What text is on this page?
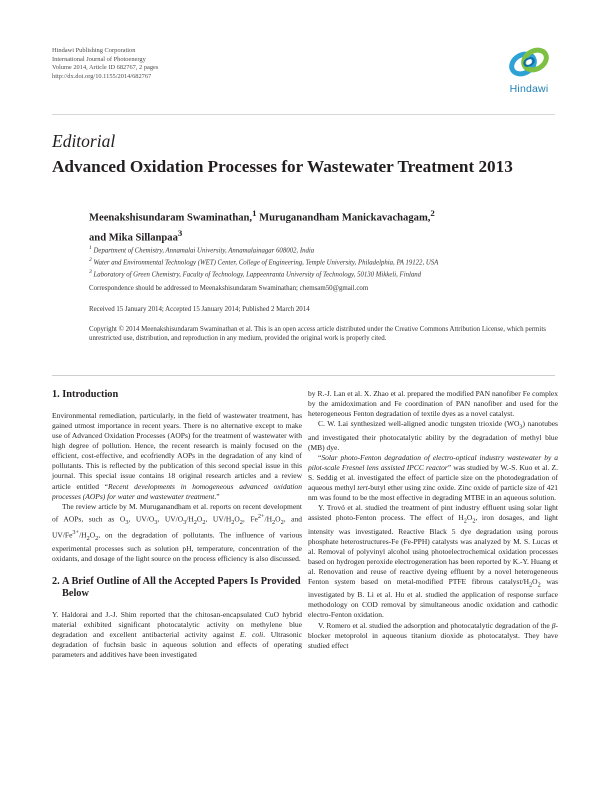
Hindawi Publishing Corporation
International Journal of Photoenergy
Volume 2014, Article ID 682767, 2 pages
http://dx.doi.org/10.1155/2014/682767
Hindawi
Editorial
Advanced Oxidation Processes for Wastewater Treatment 2013
Meenakshisundaram Swaminathan,$^1$ Muruganandham Manickavachagam,$^2$
and Mika Sillanpaa$^3$
$^1$ Department of Chemistry, Annamalai University, Annamalainagar 608002, India
$^2$ Water and Environmental Technology (WET) Center, College of Engineering, Temple University, Philadelphia, PA 19122, USA
$^3$ Laboratory of Green Chemistry, Faculty of Technology, Lappeenranta University of Technology, 50130 Mikkeli, Finland
Correspondence should be addressed to Meenakshisundaram Swaminathan; chemsam50@gmail.com
Received 15 January 2014; Accepted 15 January 2014; Published 2 March 2014
Copyright © 2014 Meenakshisundaram Swaminathan et al. This is an open access article distributed under the Creative Commons Attribution License, which permits unrestricted use, distribution, and reproduction in any medium, provided the original work is properly cited.
1. Introduction

Environmental remediation, particularly, in the field of wastewater treatment, has gained utmost importance in recent years. There is no alternative except to make use of Advanced Oxidation Processes (AOPs) for the treatment of wastewater with high degree of pollution. Hence, the recent research is mainly focused on the efficient, cost-effective, and ecofriendly AOPs in the degradation of any kind of pollutants. This is reflected by the publication of this second special issue in this journal. This special issue contains 18 original research articles and a review article entitled “Recent developments in homogeneous advanced oxidation processes (AOPs) for water and wastewater treatment.”

The review article by M. Muruganandham et al. reports on recent development of AOPs, such as $O_3$, $UV/O_3$, $UV/O_3/H_2O_2$, $UV/H_2O_2$, $Fe^{2+}/H_2O_2$, and $UV/Fe^{3+}/H_2O_2$, on the degradation of pollutants. The influence of various experimental processes such as solution pH, temperature, concentration of the oxidants, and dosage of the light source on the process efficiency is also discussed.

2. A Brief Outline of All the Accepted Papers Is Provided Below

Y. Haldorai and J.-J. Shim reported that the chitosan-encapsulated CuO hybrid material exhibited significant photocatalytic activity on methylene blue degradation and excellent antibacterial activity against E. coli. Ultrasonic degradation of fuchsin basic in aqueous solution and effects of operating parameters and additives have been investigated

by R.-J. Lan et al. X. Zhao et al. prepared the modified PAN nanofiber Fe complex by the amidoximation and Fe coordination of PAN nanofiber and used for the heterogeneous Fenton degradation of textile dyes as a novel catalyst.

C. W. Lai synthesized well-aligned anodic tungsten trioxide $(WO_3)$ nanotubes and investigated their photocatalytic ability by the degradation of methyl blue (MB) dye.

“Solar photo-Fenton degradation of electro-optical industry wastewater by a pilot-scale Fresnel lens assisted IPCC reactor” was studied by W.-S. Kuo et al. Z. S. Seddig et al. investigated the effect of particle size on the photodegradation of aqueous methyl tert-butyl ether using zinc oxide. Zinc oxide of particle size of 421 nm was found to be the most effective in degrading MTBE in an aqueous solution.

Y. Trovó et al. studied the treatment of pint industry effluent using solar light assisted photo-Fenton process. The effect of $H_2O_2$, iron dosages, and light intensity was investigated. Reactive Black 5 dye degradation using porous phosphate heterostructures-Fe (Fe-PPH) catalysts was analyzed by M. S. Lucas et al. Removal of polyvinyl alcohol using photoelectrochemical oxidation processes based on hydrogen peroxide electrogeneration has been reported by K.-Y. Huang et al. Renovation and reuse of reactive dyeing effluent by a novel heterogeneous Fenton system based on metal-modified PTFE fibrous catalyst/$H_2O_2$ was investigated by B. Li et al. Hu et al. studied the application of response surface methodology on COD removal by simultaneous anodic oxidation and cathodic electro-Fenton oxidation.

V. Romero et al. studied the adsorption and photocatalytic degradation of the β-blocker metoprolol in aqueous titanium dioxide as photocatalyst. They have studied effect
